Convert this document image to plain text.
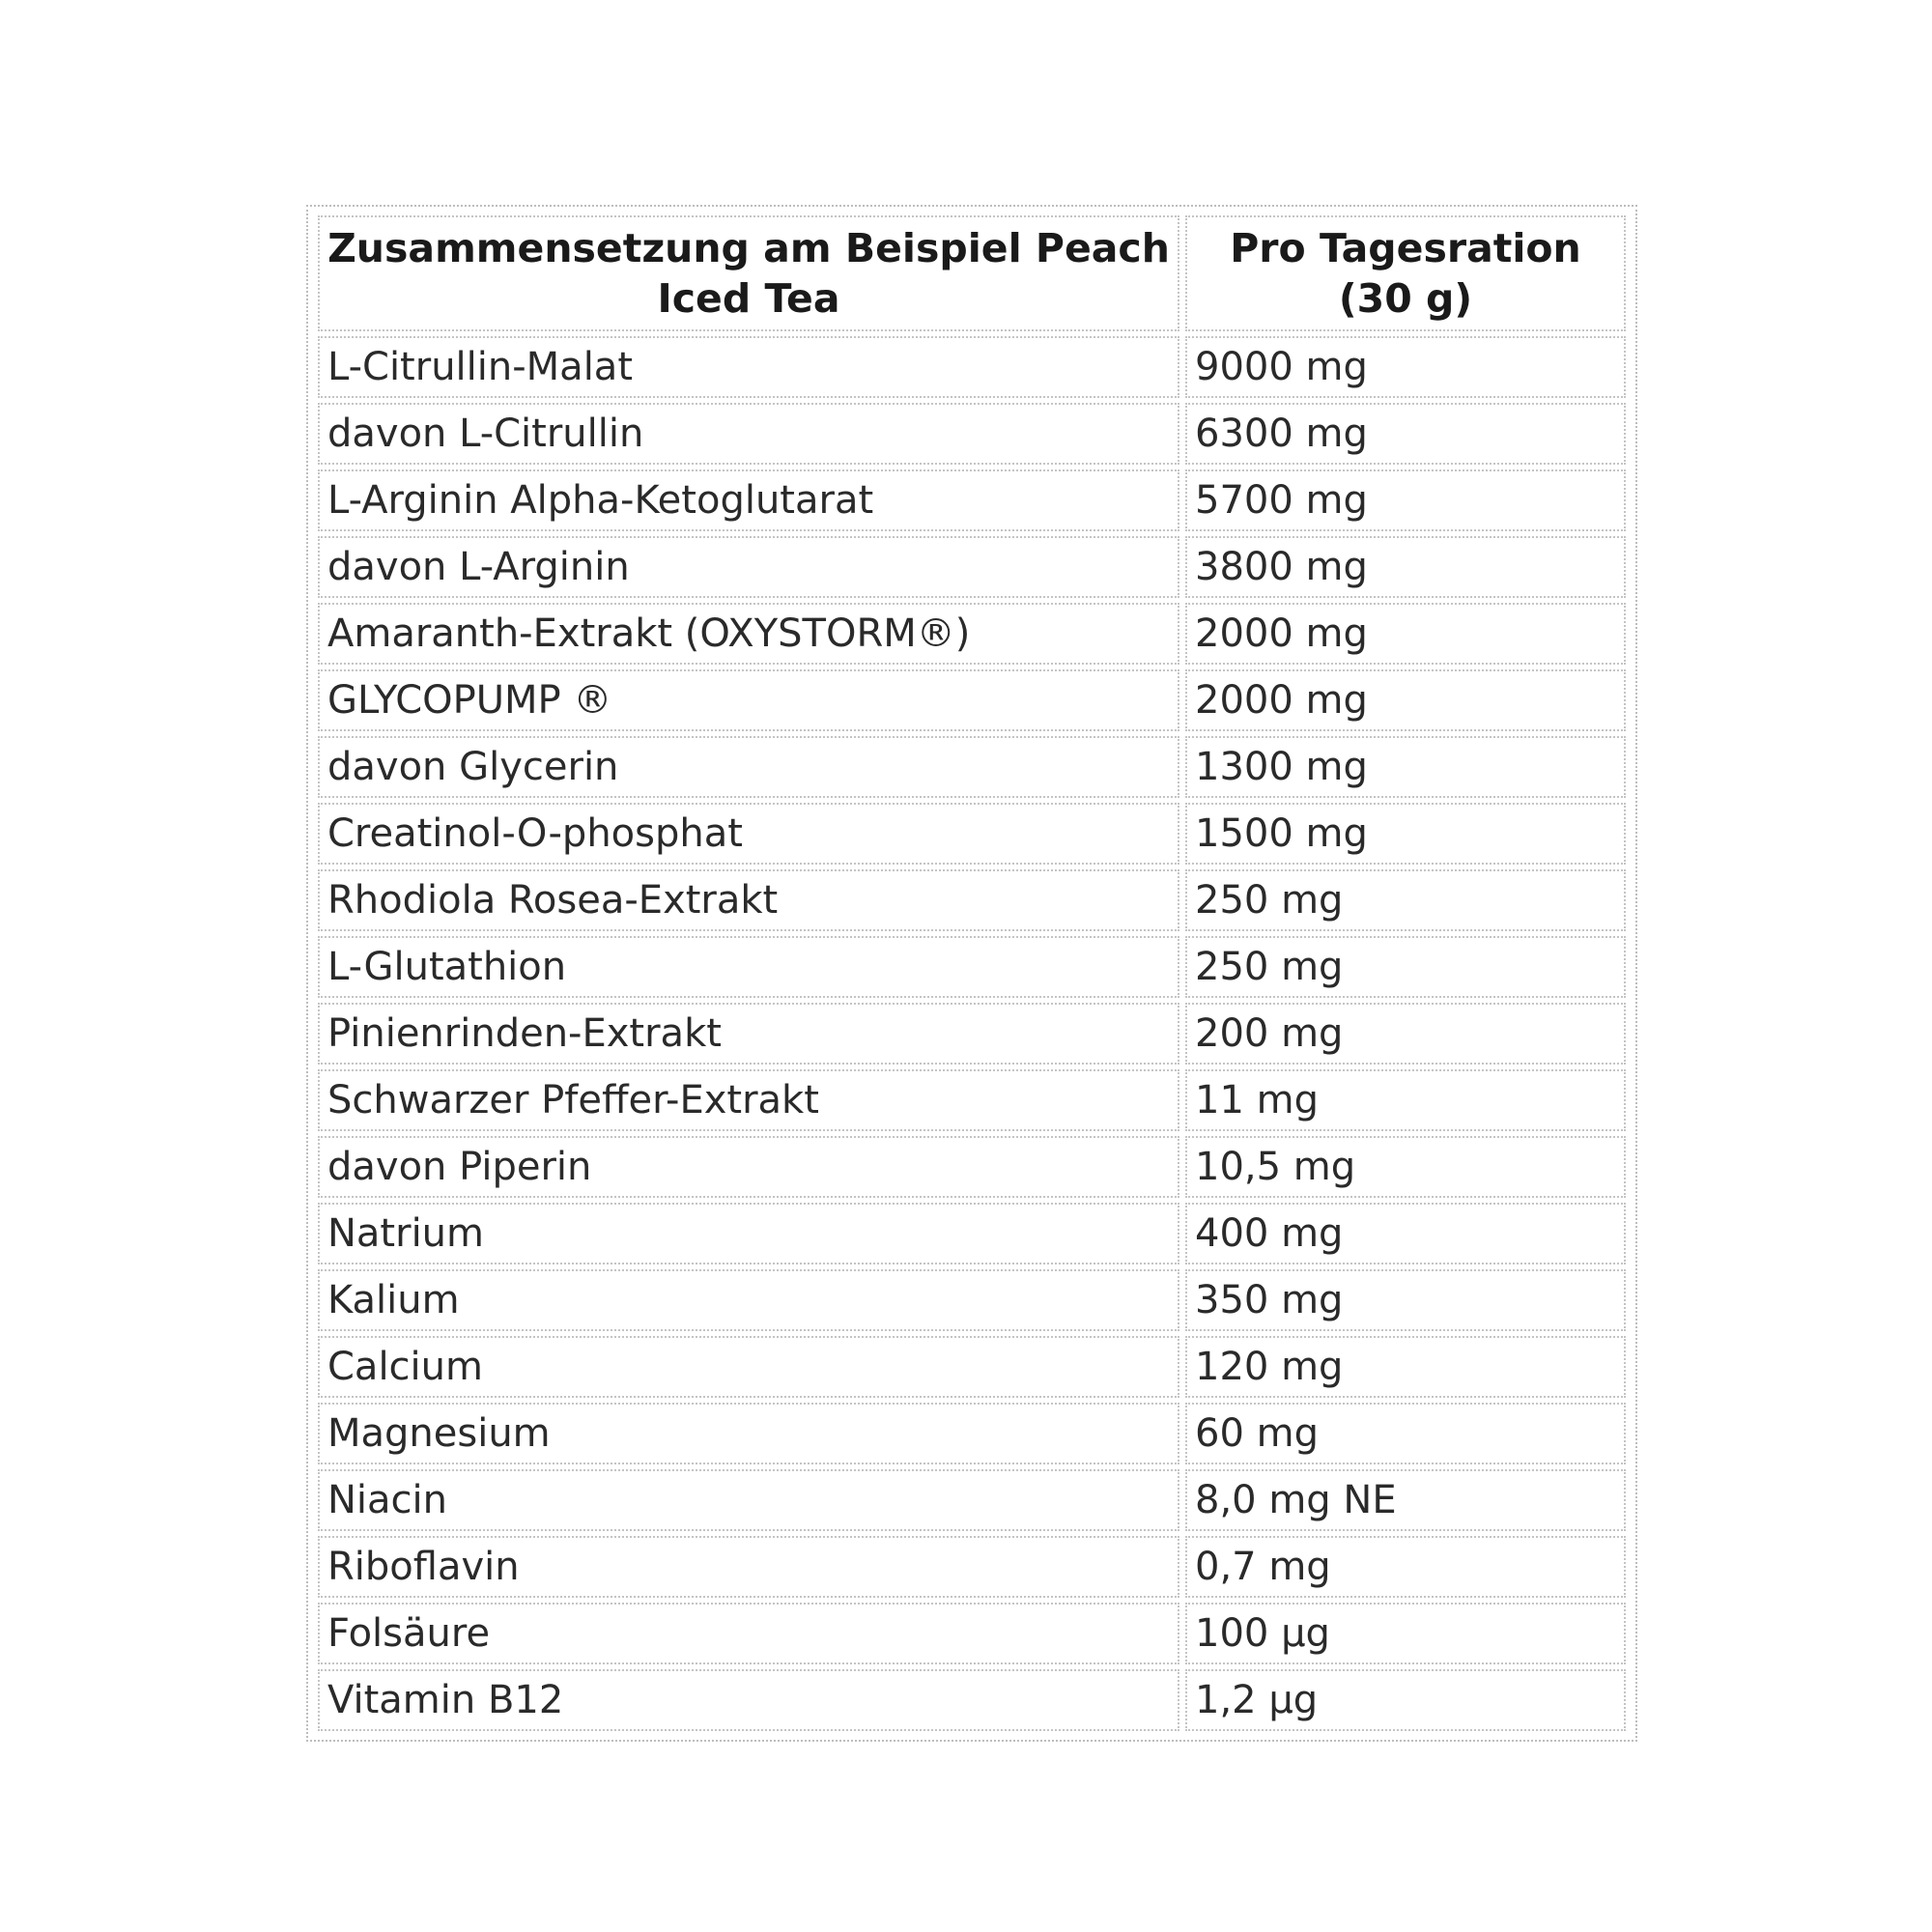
Zusammensetzung am Beispiel Peach Iced Tea	Pro Tagesration (30 g)
L-Citrullin-Malat	9000 mg
davon L-Citrullin	6300 mg
L-Arginin Alpha-Ketoglutarat	5700 mg
davon L-Arginin	3800 mg
Amaranth-Extrakt (OXYSTORM®)	2000 mg
GLYCOPUMP ®	2000 mg
davon Glycerin	1300 mg
Creatinol-O-phosphat	1500 mg
Rhodiola Rosea-Extrakt	250 mg
L-Glutathion	250 mg
Pinienrinden-Extrakt	200 mg
Schwarzer Pfeffer-Extrakt	11 mg
davon Piperin	10,5 mg
Natrium	400 mg
Kalium	350 mg
Calcium	120 mg
Magnesium	60 mg
Niacin	8,0 mg NE
Riboflavin	0,7 mg
Folsäure	100 µg
Vitamin B12	1,2 µg
